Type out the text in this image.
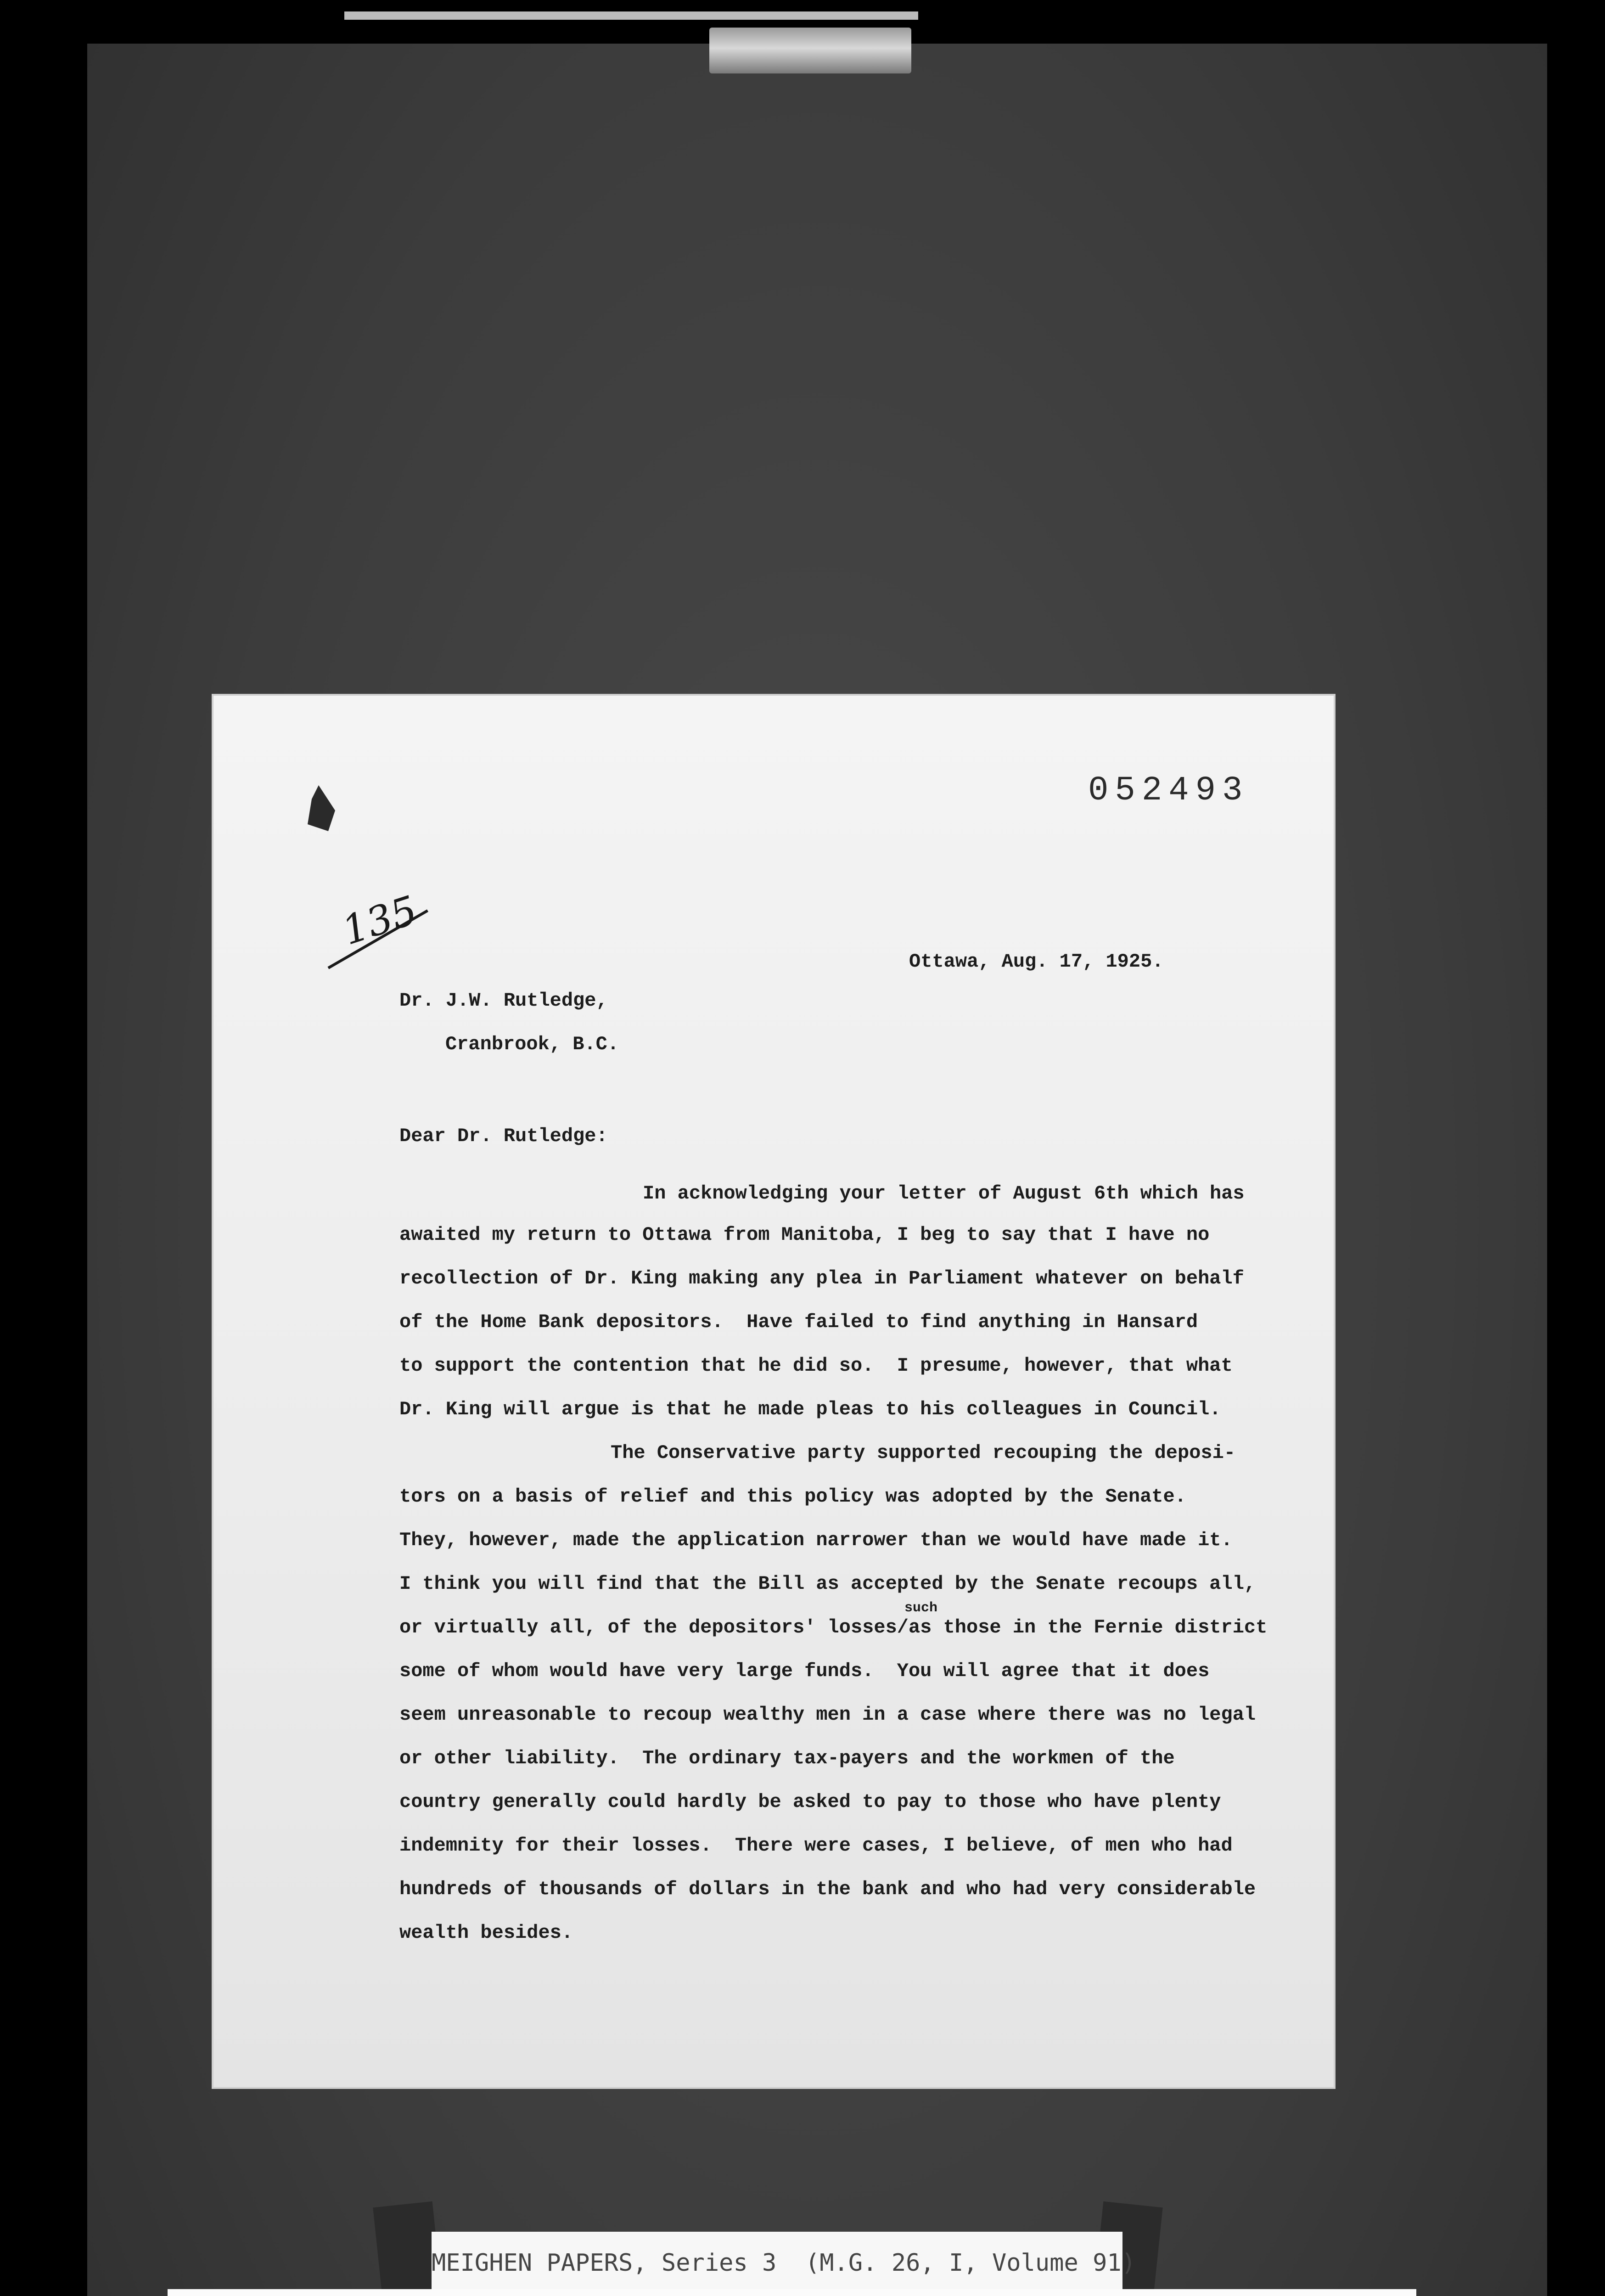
052493
135
Ottawa, Aug. 17, 1925.
Dr. J.W. Rutledge,
Cranbrook, B.C.
Dear Dr. Rutledge:
In acknowledging your letter of August 6th which has
awaited my return to Ottawa from Manitoba, I beg to say that I have no
recollection of Dr. King making any plea in Parliament whatever on behalf
of the Home Bank depositors.  Have failed to find anything in Hansard
to support the contention that he did so.  I presume, however, that what
Dr. King will argue is that he made pleas to his colleagues in Council.
The Conservative party supported recouping the deposi-
tors on a basis of relief and this policy was adopted by the Senate.
They, however, made the application narrower than we would have made it.
I think you will find that the Bill as accepted by the Senate recoups all,
such
or virtually all, of the depositors' losses/as those in the Fernie district
some of whom would have very large funds.  You will agree that it does
seem unreasonable to recoup wealthy men in a case where there was no legal
or other liability.  The ordinary tax-payers and the workmen of the
country generally could hardly be asked to pay to those who have plenty
indemnity for their losses.  There were cases, I believe, of men who had
hundreds of thousands of dollars in the bank and who had very considerable
wealth besides.
MEIGHEN PAPERS, Series 3  (M.G. 26, I, Volume 91)
